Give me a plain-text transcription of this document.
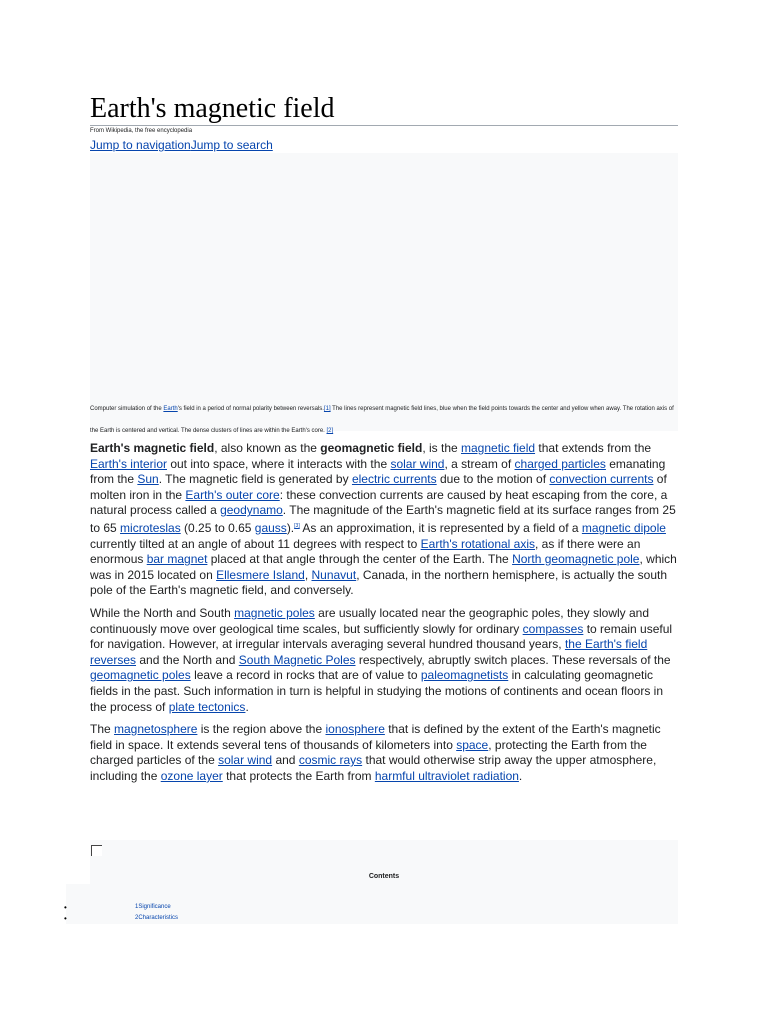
Earth's magnetic field
From Wikipedia, the free encyclopedia
Jump to navigationJump to search
Computer simulation of the Earth's field in a period of normal polarity between reversals.[1] The lines represent magnetic field lines, blue when the field points towards the center and yellow when away. The rotation axis of the Earth is centered and vertical. The dense clusters of lines are within the Earth's core. [2]

Earth's magnetic field, also known as the geomagnetic field, is the magnetic field that extends from the Earth's interior out into space, where it interacts with the solar wind, a stream of charged particles emanating from the Sun. The magnetic field is generated by electric currents due to the motion of convection currents of molten iron in the Earth's outer core: these convection currents are caused by heat escaping from the core, a natural process called a geodynamo. The magnitude of the Earth's magnetic field at its surface ranges from 25 to 65 microteslas (0.25 to 0.65 gauss).[3] As an approximation, it is represented by a field of a magnetic dipole currently tilted at an angle of about 11 degrees with respect to Earth's rotational axis, as if there were an enormous bar magnet placed at that angle through the center of the Earth. The North geomagnetic pole, which was in 2015 located on Ellesmere Island, Nunavut, Canada, in the northern hemisphere, is actually the south pole of the Earth's magnetic field, and conversely.

While the North and South magnetic poles are usually located near the geographic poles, they slowly and continuously move over geological time scales, but sufficiently slowly for ordinary compasses to remain useful for navigation. However, at irregular intervals averaging several hundred thousand years, the Earth's field reverses and the North and South Magnetic Poles respectively, abruptly switch places. These reversals of the geomagnetic poles leave a record in rocks that are of value to paleomagnetists in calculating geomagnetic fields in the past. Such information in turn is helpful in studying the motions of continents and ocean floors in the process of plate tectonics.

The magnetosphere is the region above the ionosphere that is defined by the extent of the Earth's magnetic field in space. It extends several tens of thousands of kilometers into space, protecting the Earth from the charged particles of the solar wind and cosmic rays that would otherwise strip away the upper atmosphere, including the ozone layer that protects the Earth from harmful ultraviolet radiation.

Contents
•	1Significance
•	2Characteristics
